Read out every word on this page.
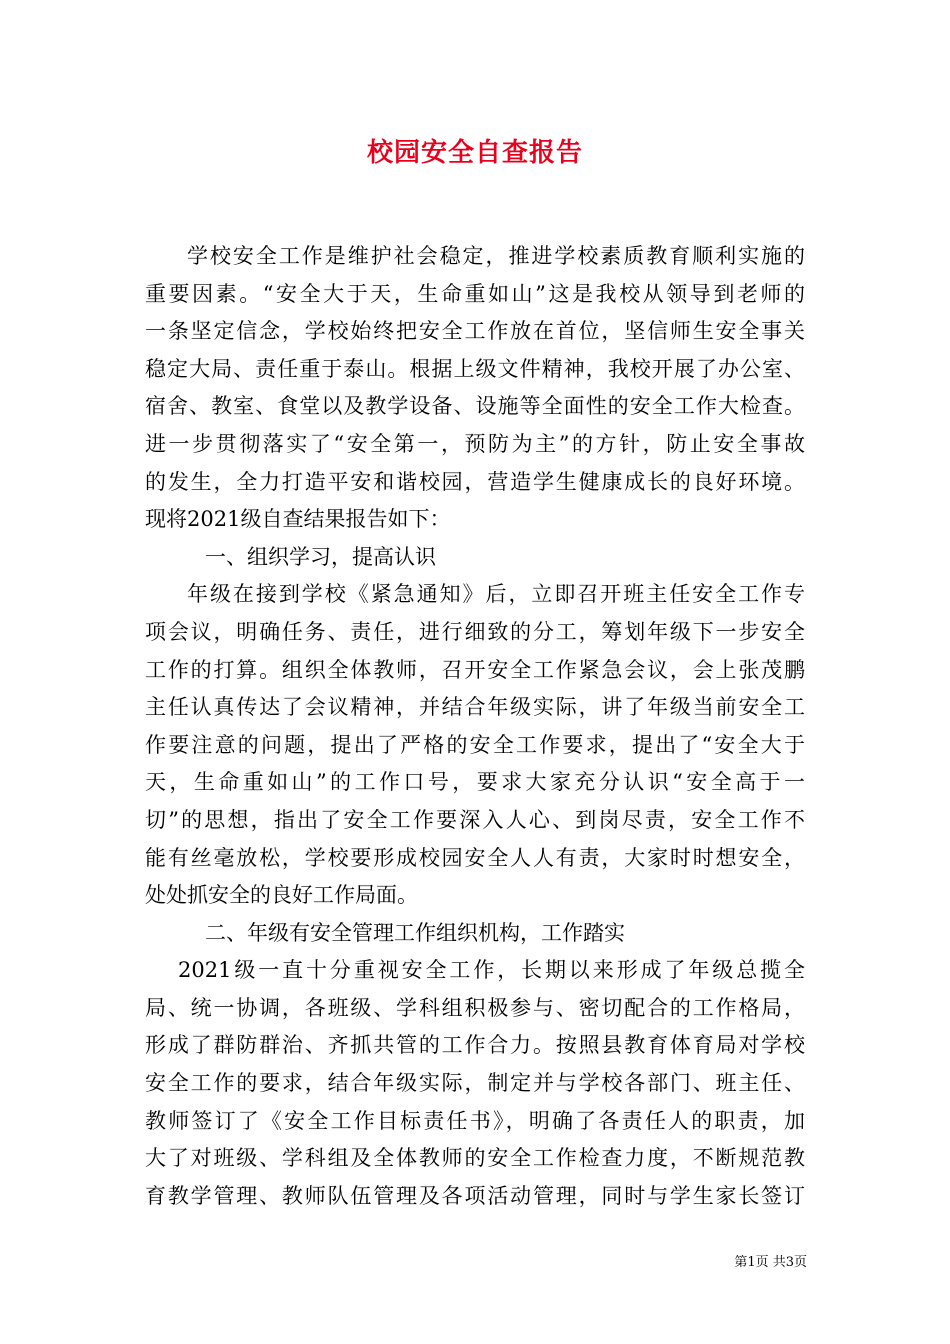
校园安全自查报告
学校安全工作是维护社会稳定，推进学校素质教育顺利实施的
重要因素。“安全大于天，生命重如山”这是我校从领导到老师的
一条坚定信念，学校始终把安全工作放在首位，坚信师生安全事关
稳定大局、责任重于泰山。根据上级文件精神，我校开展了办公室、
宿舍、教室、食堂以及教学设备、设施等全面性的安全工作大检查。
进一步贯彻落实了“安全第一，预防为主”的方针，防止安全事故
的发生，全力打造平安和谐校园，营造学生健康成长的良好环境。
现将2021级自查结果报告如下：
一、组织学习，提高认识
年级在接到学校《紧急通知》后，立即召开班主任安全工作专
项会议，明确任务、责任，进行细致的分工，筹划年级下一步安全
工作的打算。组织全体教师，召开安全工作紧急会议，会上张茂鹏
主任认真传达了会议精神，并结合年级实际，讲了年级当前安全工
作要注意的问题，提出了严格的安全工作要求，提出了“安全大于
天，生命重如山”的工作口号，要求大家充分认识“安全高于一
切”的思想，指出了安全工作要深入人心、到岗尽责，安全工作不
能有丝毫放松，学校要形成校园安全人人有责，大家时时想安全，
处处抓安全的良好工作局面。
二、年级有安全管理工作组织机构，工作踏实
2021级一直十分重视安全工作，长期以来形成了年级总揽全
局、统一协调，各班级、学科组积极参与、密切配合的工作格局，
形成了群防群治、齐抓共管的工作合力。按照县教育体育局对学校
安全工作的要求，结合年级实际，制定并与学校各部门、班主任、
教师签订了《安全工作目标责任书》，明确了各责任人的职责，加
大了对班级、学科组及全体教师的安全工作检查力度，不断规范教
育教学管理、教师队伍管理及各项活动管理，同时与学生家长签订
第1页 共3页
